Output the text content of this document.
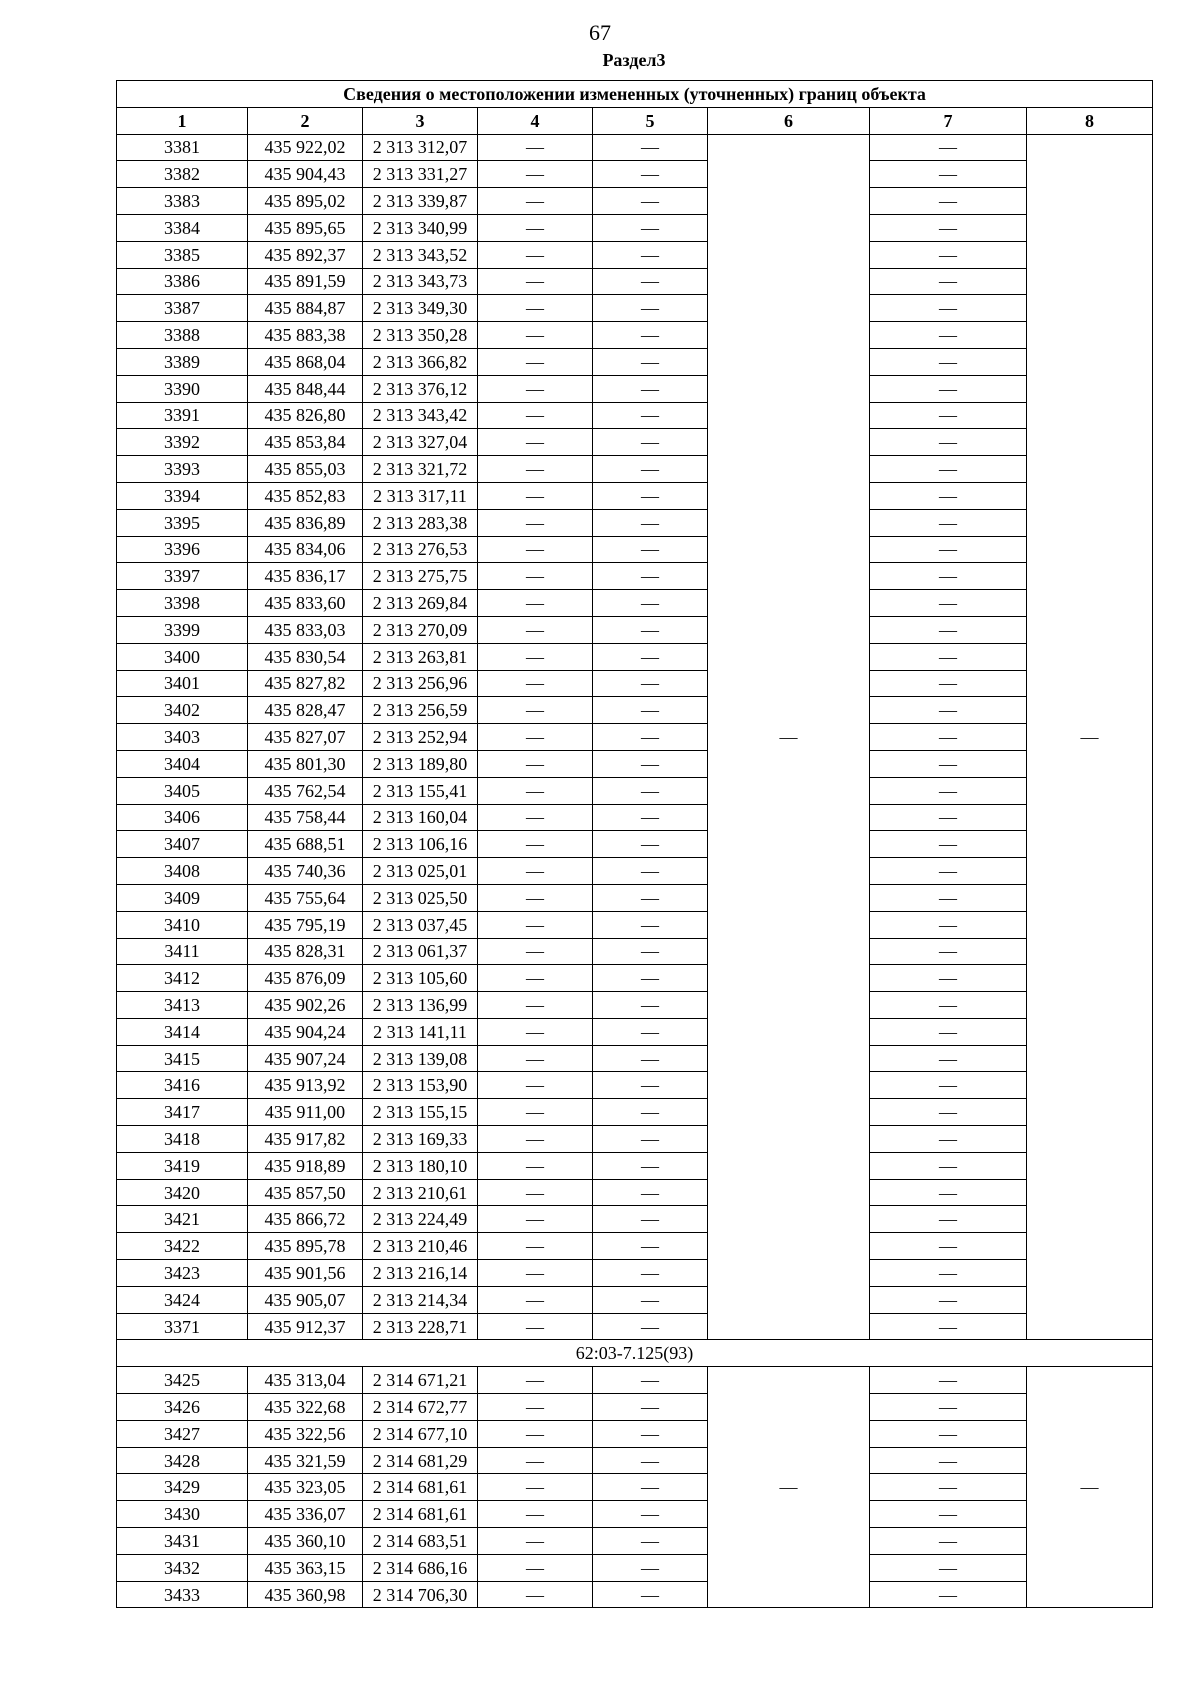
67
Раздел3
Сведения о местоположении измененных (уточненных) границ объекта							
1	2	3	4	5	6	7	8
3381	435 922,02	2 313 312,07	—	—	—	—	—
3382	435 904,43	2 313 331,27	—	—		—	
3383	435 895,02	2 313 339,87	—	—		—	
3384	435 895,65	2 313 340,99	—	—		—	
3385	435 892,37	2 313 343,52	—	—		—	
3386	435 891,59	2 313 343,73	—	—		—	
3387	435 884,87	2 313 349,30	—	—		—	
3388	435 883,38	2 313 350,28	—	—		—	
3389	435 868,04	2 313 366,82	—	—		—	
3390	435 848,44	2 313 376,12	—	—		—	
3391	435 826,80	2 313 343,42	—	—		—	
3392	435 853,84	2 313 327,04	—	—		—	
3393	435 855,03	2 313 321,72	—	—		—	
3394	435 852,83	2 313 317,11	—	—		—	
3395	435 836,89	2 313 283,38	—	—		—	
3396	435 834,06	2 313 276,53	—	—		—	
3397	435 836,17	2 313 275,75	—	—		—	
3398	435 833,60	2 313 269,84	—	—		—	
3399	435 833,03	2 313 270,09	—	—		—	
3400	435 830,54	2 313 263,81	—	—		—	
3401	435 827,82	2 313 256,96	—	—		—	
3402	435 828,47	2 313 256,59	—	—		—	
3403	435 827,07	2 313 252,94	—	—		—	
3404	435 801,30	2 313 189,80	—	—		—	
3405	435 762,54	2 313 155,41	—	—		—	
3406	435 758,44	2 313 160,04	—	—		—	
3407	435 688,51	2 313 106,16	—	—		—	
3408	435 740,36	2 313 025,01	—	—		—	
3409	435 755,64	2 313 025,50	—	—		—	
3410	435 795,19	2 313 037,45	—	—		—	
3411	435 828,31	2 313 061,37	—	—		—	
3412	435 876,09	2 313 105,60	—	—		—	
3413	435 902,26	2 313 136,99	—	—		—	
3414	435 904,24	2 313 141,11	—	—		—	
3415	435 907,24	2 313 139,08	—	—		—	
3416	435 913,92	2 313 153,90	—	—		—	
3417	435 911,00	2 313 155,15	—	—		—	
3418	435 917,82	2 313 169,33	—	—		—	
3419	435 918,89	2 313 180,10	—	—		—	
3420	435 857,50	2 313 210,61	—	—		—	
3421	435 866,72	2 313 224,49	—	—		—	
3422	435 895,78	2 313 210,46	—	—		—	
3423	435 901,56	2 313 216,14	—	—		—	
3424	435 905,07	2 313 214,34	—	—		—	
3371	435 912,37	2 313 228,71	—	—		—	
62:03-7.125(93)							
3425	435 313,04	2 314 671,21	—	—	—	—	—
3426	435 322,68	2 314 672,77	—	—		—	
3427	435 322,56	2 314 677,10	—	—		—	
3428	435 321,59	2 314 681,29	—	—		—	
3429	435 323,05	2 314 681,61	—	—		—	
3430	435 336,07	2 314 681,61	—	—		—	
3431	435 360,10	2 314 683,51	—	—		—	
3432	435 363,15	2 314 686,16	—	—		—	
3433	435 360,98	2 314 706,30	—	—		—	
